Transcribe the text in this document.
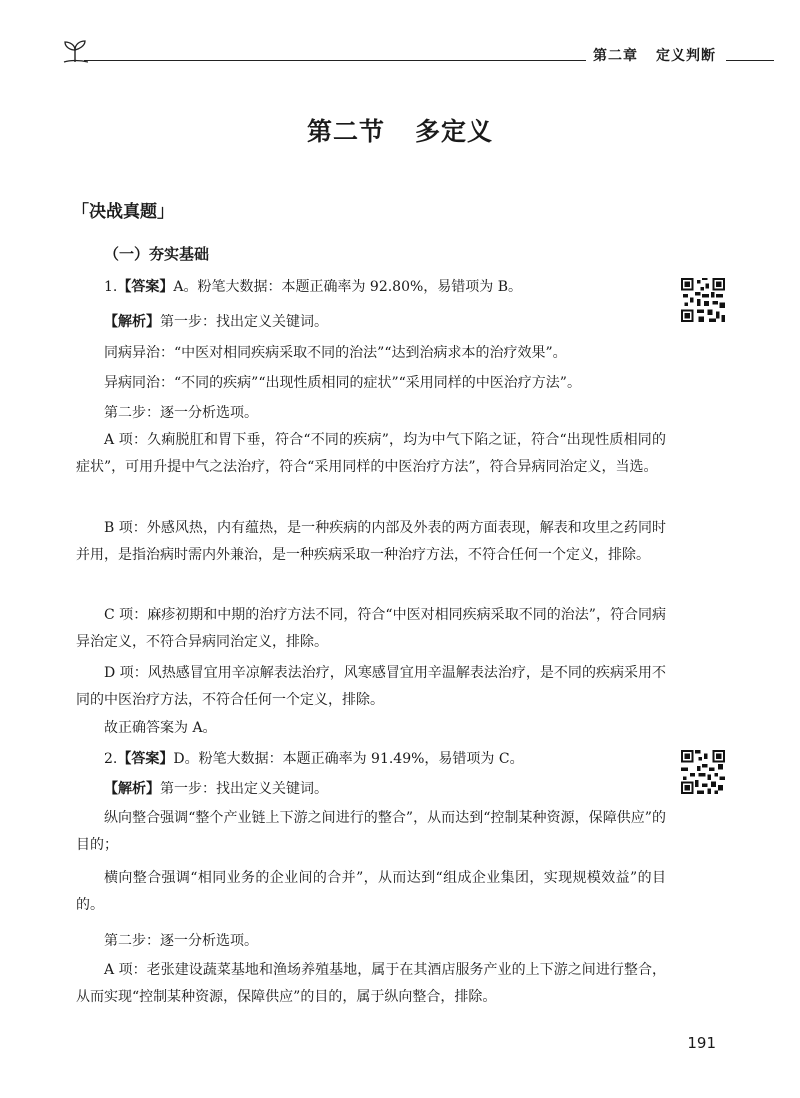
第二章 定义判断
第二节 多定义
「决战真题」
（一）夯实基础
1.【答案】A。粉笔大数据：本题正确率为 92.80%，易错项为 B。
【解析】第一步：找出定义关键词。
同病异治：“中医对相同疾病采取不同的治法”“达到治病求本的治疗效果”。
异病同治：“不同的疾病”“出现性质相同的症状”“采用同样的中医治疗方法”。
第二步：逐一分析选项。
A 项：久痢脱肛和胃下垂，符合“不同的疾病”，均为中气下陷之证，符合“出现性质相同的症状”，可用升提中气之法治疗，符合“采用同样的中医治疗方法”，符合异病同治定义，当选。
B 项：外感风热，内有蕴热，是一种疾病的内部及外表的两方面表现，解表和攻里之药同时并用，是指治病时需内外兼治，是一种疾病采取一种治疗方法，不符合任何一个定义，排除。
C 项：麻疹初期和中期的治疗方法不同，符合“中医对相同疾病采取不同的治法”，符合同病异治定义，不符合异病同治定义，排除。
D 项：风热感冒宜用辛凉解表法治疗，风寒感冒宜用辛温解表法治疗，是不同的疾病采用不同的中医治疗方法，不符合任何一个定义，排除。
故正确答案为 A。
2.【答案】D。粉笔大数据：本题正确率为 91.49%，易错项为 C。
【解析】第一步：找出定义关键词。
纵向整合强调“整个产业链上下游之间进行的整合”，从而达到“控制某种资源，保障供应”的目的；
横向整合强调“相同业务的企业间的合并”，从而达到“组成企业集团，实现规模效益”的目的。
第二步：逐一分析选项。
A 项：老张建设蔬菜基地和渔场养殖基地，属于在其酒店服务产业的上下游之间进行整合，从而实现“控制某种资源，保障供应”的目的，属于纵向整合，排除。
191
